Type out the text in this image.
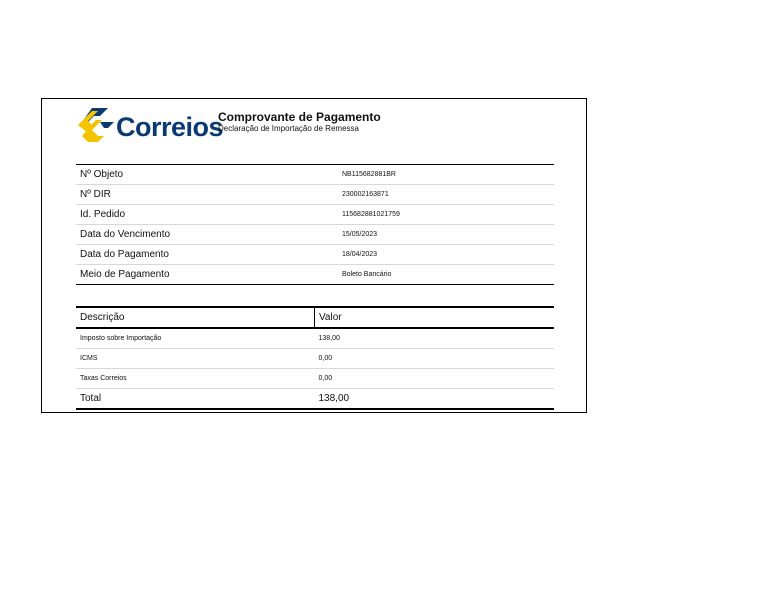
Correios
Comprovante de Pagamento
Declaração de Importação de Remessa
Nº Objeto	NB115682881BR
Nº DIR	230002163871
Id. Pedido	115682881021759
Data do Vencimento	15/05/2023
Data do Pagamento	18/04/2023
Meio de Pagamento	Boleto Bancário
Descrição	Valor
Imposto sobre Importação	138,00
ICMS	0,00
Taxas Correios	0,00
Total	138,00
